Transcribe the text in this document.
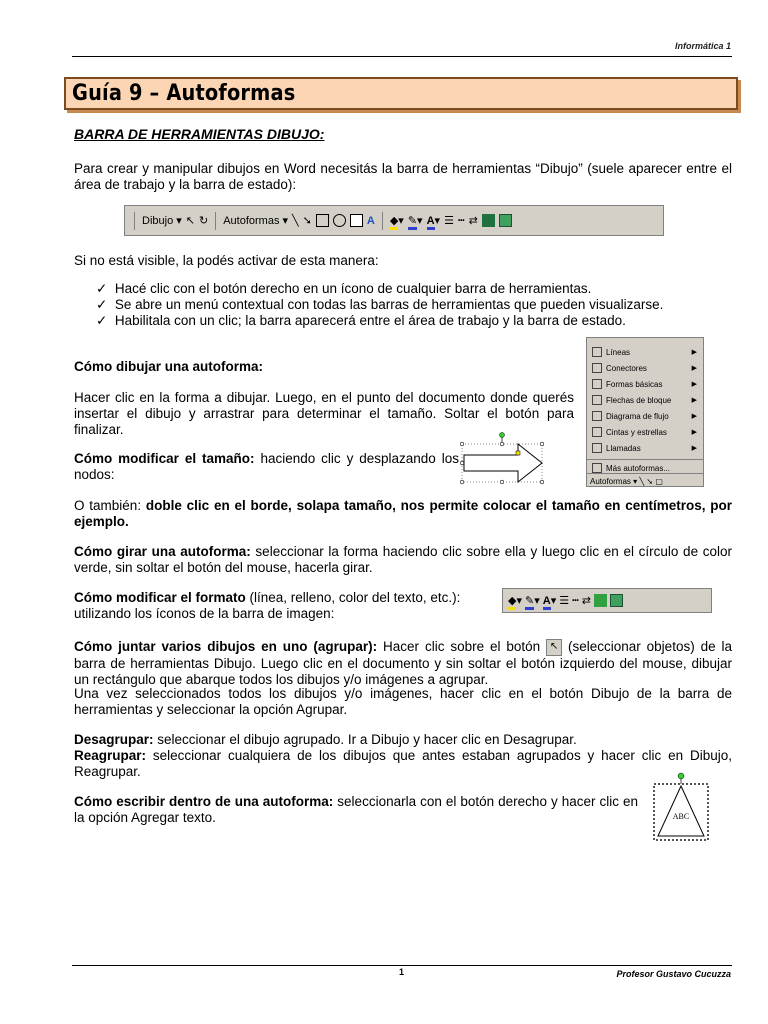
Informática 1
Guía 9 – Autoformas
BARRA DE HERRAMIENTAS DIBUJO:
Para crear y manipular dibujos en Word necesitás la barra de herramientas “Dibujo” (suele aparecer entre el área de trabajo y la barra de estado):
Dibujo ▾ ↖ ↻ Autoformas ▾ ╲ ➘	A ◆▾ ✎▾ A▾ ☰ ┅ ⇄
Si no está visible, la podés activar de esta manera:
✓ Hacé clic con el botón derecho en un ícono de cualquier barra de herramientas.
✓ Se abre un menú contextual con todas las barras de herramientas que pueden visualizarse.
✓ Habilitala con un clic; la barra aparecerá entre el área de trabajo y la barra de estado.
Líneas	▶
Conectores	▶
Formas básicas	▶
Flechas de bloque	▶
Diagrama de flujo	▶
Cintas y estrellas	▶
Llamadas	▶
Más autoformas...
Autoformas ▾ ╲ ➘ ▢
Cómo dibujar una autoforma:
Hacer clic en la forma a dibujar. Luego, en el punto del documento donde querés insertar el dibujo y arrastrar para determinar el tamaño. Soltar el botón para finalizar.
Cómo modificar el tamaño: haciendo clic y desplazando los nodos:
O también: doble clic en el borde, solapa tamaño, nos permite colocar el tamaño en centímetros, por ejemplo.
Cómo girar una autoforma: seleccionar la forma haciendo clic sobre ella y luego clic en el círculo de color verde, sin soltar el botón del mouse, hacerla girar.
Cómo modificar el formato (línea, relleno, color del texto, etc.):
utilizando los íconos de la barra de imagen:
◆▾ ✎▾ A▾ ☰ ┅ ⇄
Cómo juntar varios dibujos en uno (agrupar): Hacer clic sobre el botón ↖ (seleccionar objetos) de la barra de herramientas Dibujo. Luego clic en el documento y sin soltar el botón izquierdo del mouse, dibujar un rectángulo que abarque todos los dibujos y/o imágenes a agrupar.
Una vez seleccionados todos los dibujos y/o imágenes, hacer clic en el botón Dibujo de la barra de herramientas y seleccionar la opción Agrupar.
Desagrupar: seleccionar el dibujo agrupado. Ir a Dibujo y hacer clic en Desagrupar.
Reagrupar: seleccionar cualquiera de los dibujos que antes estaban agrupados y hacer clic en Dibujo, Reagrupar.
Cómo escribir dentro de una autoforma: seleccionarla con el botón derecho y hacer clic en la opción Agregar texto.	ABC
1	Profesor Gustavo Cucuzza
